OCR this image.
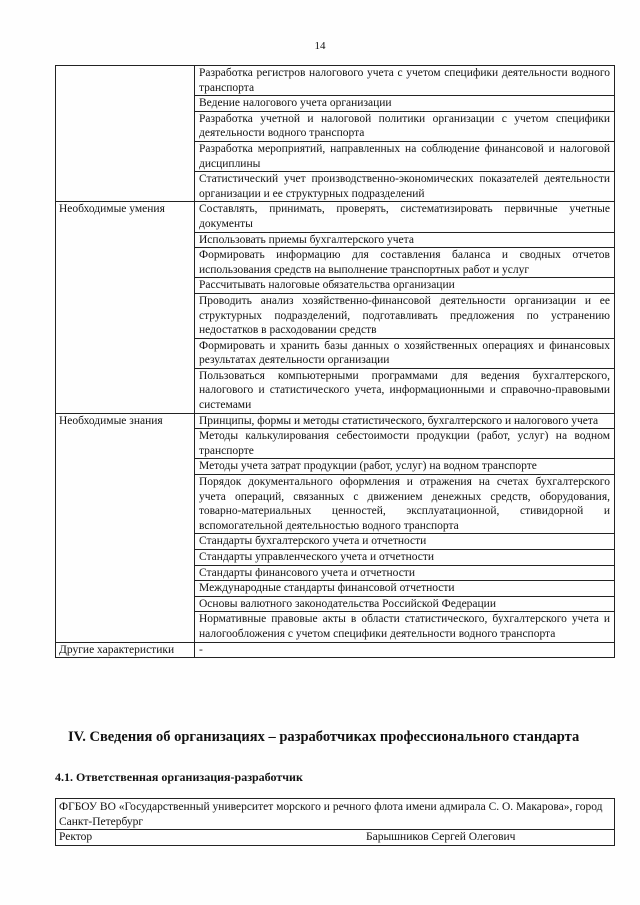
14
	Разработка регистров налогового учета с учетом специфики деятельности водного транспорта
	Ведение налогового учета организации
	Разработка учетной и налоговой политики организации с учетом специфики деятельности водного транспорта
	Разработка мероприятий, направленных на соблюдение финансовой и налоговой дисциплины
	Статистический учет производственно-экономических показателей деятельности организации и ее структурных подразделений
Необходимые умения	Составлять, принимать, проверять, систематизировать первичные учетные документы
	Использовать приемы бухгалтерского учета
	Формировать информацию для составления баланса и сводных отчетов использования средств на выполнение транспортных работ и услуг
	Рассчитывать налоговые обязательства организации
	Проводить анализ хозяйственно-финансовой деятельности организации и ее структурных подразделений, подготавливать предложения по устранению недостатков в расходовании средств
	Формировать и хранить базы данных о хозяйственных операциях и финансовых результатах деятельности организации
	Пользоваться компьютерными программами для ведения бухгалтерского, налогового и статистического учета, информационными и справочно-правовыми системами
Необходимые знания	Принципы, формы и методы статистического, бухгалтерского и налогового учета
	Методы калькулирования себестоимости продукции (работ, услуг) на водном транспорте
	Методы учета затрат продукции (работ, услуг) на водном транспорте
	Порядок документального оформления и отражения на счетах бухгалтерского учета операций, связанных с движением денежных средств, оборудования, товарно-материальных ценностей, эксплуатационной, стивидорной и вспомогательной деятельностью водного транспорта
	Стандарты бухгалтерского учета и отчетности
	Стандарты управленческого учета и отчетности
	Стандарты финансового учета и отчетности
	Международные стандарты финансовой отчетности
	Основы валютного законодательства Российской Федерации
	Нормативные правовые акты в области статистического, бухгалтерского учета и налогообложения с учетом специфики деятельности водного транспорта
Другие характеристики	-
IV. Сведения об организациях – разработчиках профессионального стандарта
4.1. Ответственная организация-разработчик
ФГБОУ ВО «Государственный университет морского и речного флота имени адмирала С. О. Макарова», город Санкт-Петербург

Ректор	Барышников Сергей Олегович
